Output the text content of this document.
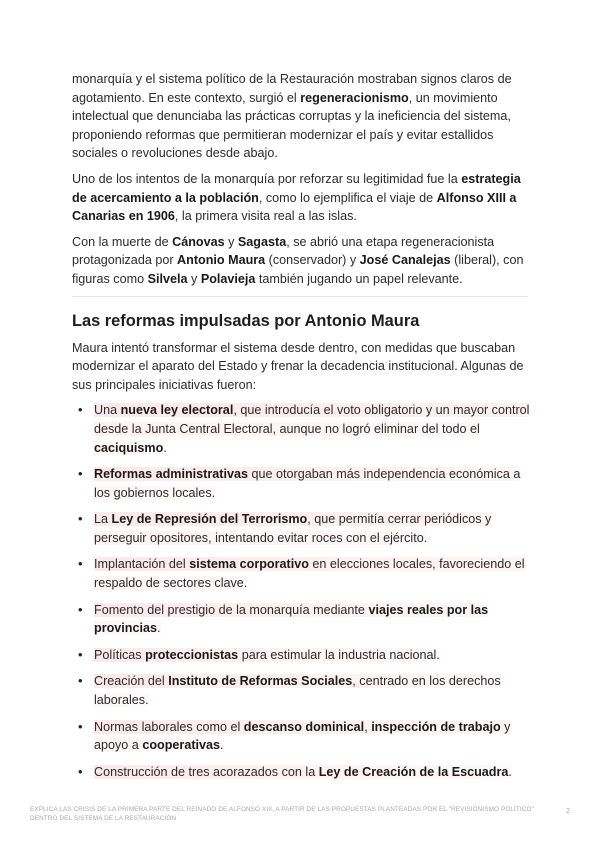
monarquía y el sistema político de la Restauración mostraban signos claros de agotamiento. En este contexto, surgió el regeneracionismo, un movimiento intelectual que denunciaba las prácticas corruptas y la ineficiencia del sistema, proponiendo reformas que permitieran modernizar el país y evitar estallidos sociales o revoluciones desde abajo.

Uno de los intentos de la monarquía por reforzar su legitimidad fue la estrategia de acercamiento a la población, como lo ejemplifica el viaje de Alfonso XIII a Canarias en 1906, la primera visita real a las islas.

Con la muerte de Cánovas y Sagasta, se abrió una etapa regeneracionista protagonizada por Antonio Maura (conservador) y José Canalejas (liberal), con figuras como Silvela y Polavieja también jugando un papel relevante.

Las reformas impulsadas por Antonio Maura

Maura intentó transformar el sistema desde dentro, con medidas que buscaban modernizar el aparato del Estado y frenar la decadencia institucional. Algunas de sus principales iniciativas fueron:

• Una nueva ley electoral, que introducía el voto obligatorio y un mayor control desde la Junta Central Electoral, aunque no logró eliminar del todo el caciquismo.
• Reformas administrativas que otorgaban más independencia económica a los gobiernos locales.
• La Ley de Represión del Terrorismo, que permitía cerrar periódicos y perseguir opositores, intentando evitar roces con el ejército.
• Implantación del sistema corporativo en elecciones locales, favoreciendo el respaldo de sectores clave.
• Fomento del prestigio de la monarquía mediante viajes reales por las provincias.
• Políticas proteccionistas para estimular la industria nacional.
• Creación del Instituto de Reformas Sociales, centrado en los derechos laborales.
• Normas laborales como el descanso dominical, inspección de trabajo y apoyo a cooperativas.
• Construcción de tres acorazados con la Ley de Creación de la Escuadra.
EXPLICA LAS CRISIS DE LA PRIMERA PARTE DEL REINADO DE ALFONSO XIII, A PARTIR DE LAS PROPUESTAS PLANTEADAS POR EL "REVISIONISMO POLÍTICO" DENTRO DEL SISTEMA DE LA RESTAURACIÓN
2
